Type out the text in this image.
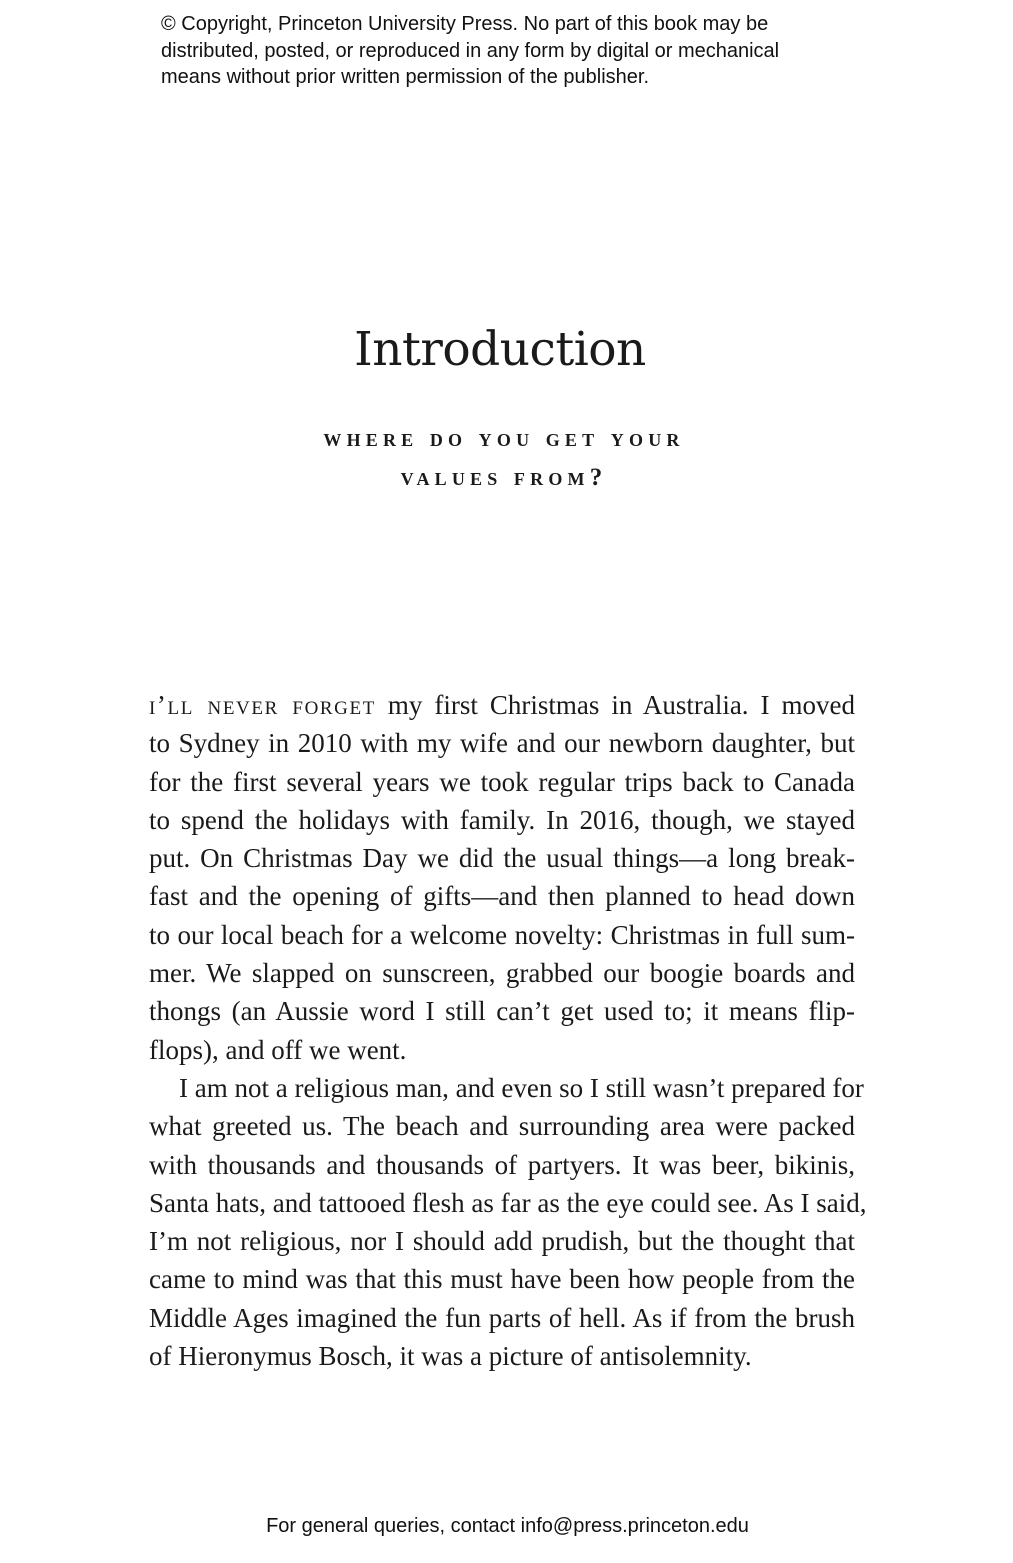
© Copyright, Princeton University Press. No part of this book may be
distributed, posted, or reproduced in any form by digital or mechanical
means without prior written permission of the publisher.
Introduction
where do you get your
values from?
i’ll never forget my first Christmas in Australia. I moved
to Sydney in 2010 with my wife and our newborn daughter, but
for the first several years we took regular trips back to Canada
to spend the holidays with family. In 2016, though, we stayed
put. On Christmas Day we did the usual things—a long break-
fast and the opening of gifts—and then planned to head down
to our local beach for a welcome novelty: Christmas in full sum-
mer. We slapped on sunscreen, grabbed our boogie boards and
thongs (an Aussie word I still can’t get used to; it means flip-
flops), and off we went.
I am not a religious man, and even so I still wasn’t prepared for
what greeted us. The beach and surrounding area were packed
with thousands and thousands of partyers. It was beer, bikinis,
Santa hats, and tattooed flesh as far as the eye could see. As I said,
I’m not religious, nor I should add prudish, but the thought that
came to mind was that this must have been how people from the
Middle Ages imagined the fun parts of hell. As if from the brush
of Hieronymus Bosch, it was a picture of antisolemnity.
For general queries, contact info@press.princeton.edu
